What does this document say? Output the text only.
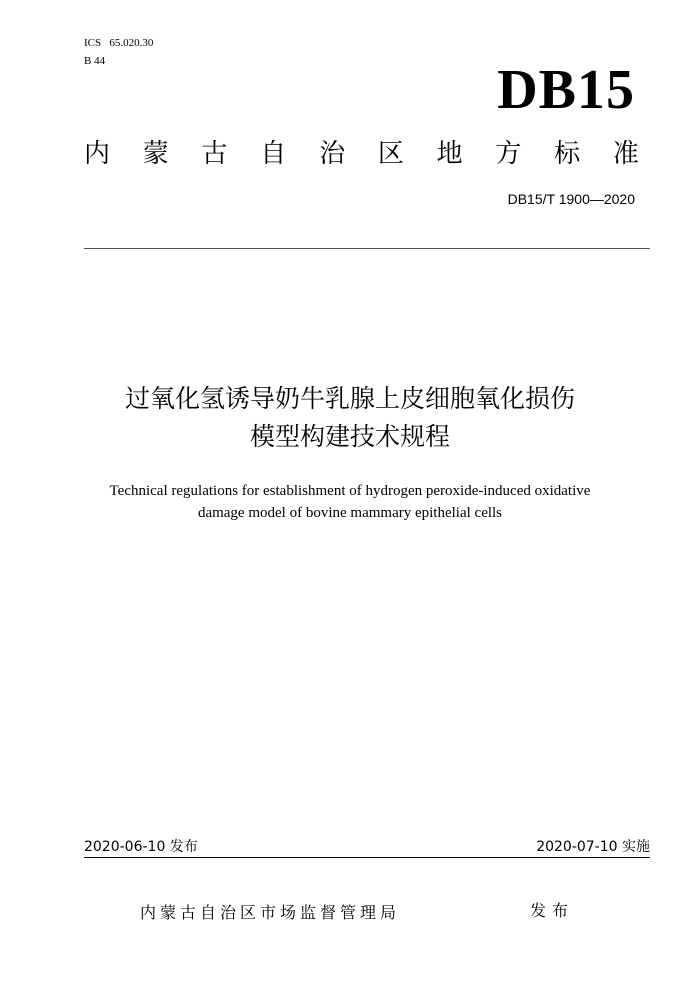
ICS   65.020.30
B 44	DB15
内 蒙 古 自 治 区 地 方 标 准
DB15/T 1900—2020
过氧化氢诱导奶牛乳腺上皮细胞氧化损伤
模型构建技术规程
Technical regulations for establishment of hydrogen peroxide-induced oxidative
damage model of bovine mammary epithelial cells
2020-06-10 发布	2020-07-10 实施
内蒙古自治区市场监督管理局	发布
